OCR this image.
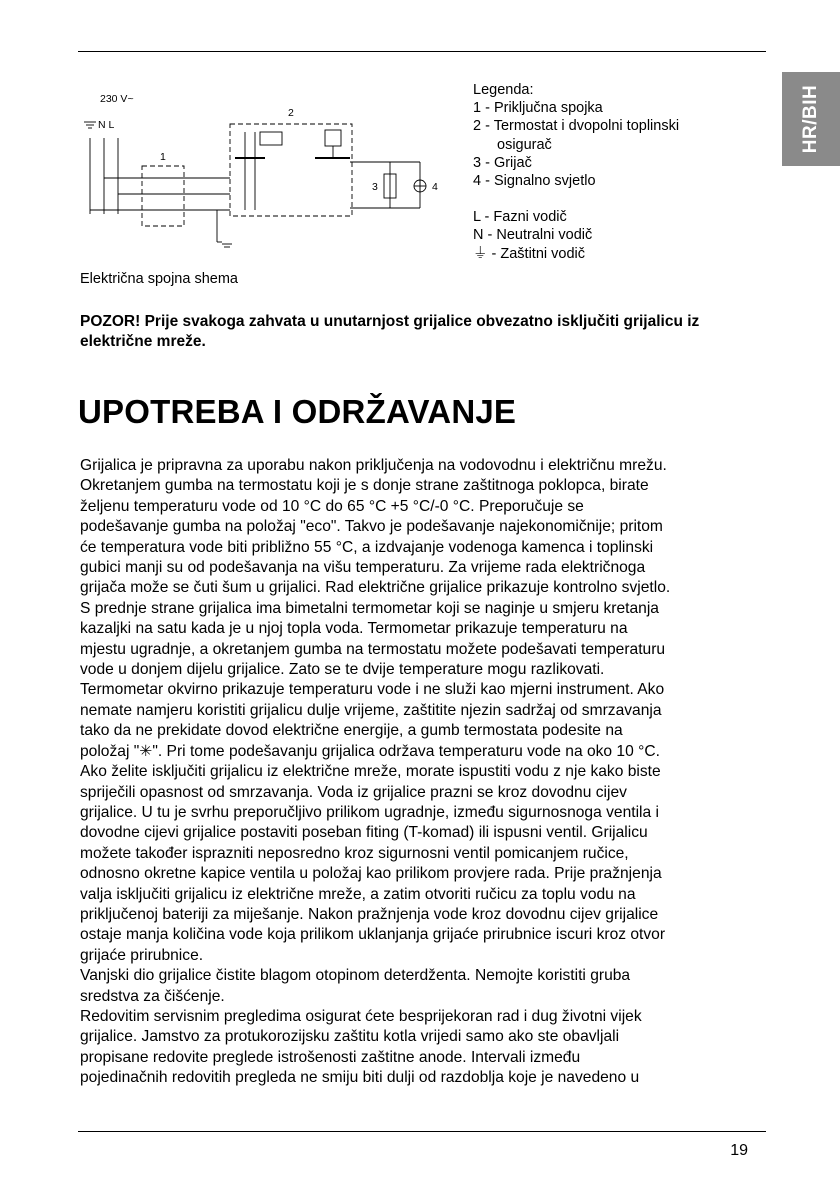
HR/BIH
230 V~
N L
1
2
3	4
Legenda:
1 - Priključna spojka
2 - Termostat i dvopolni toplinski
osigurač
3 - Grijač
4 - Signalno svjetlo
L - Fazni vodič
N - Neutralni vodič
⏚ - Zaštitni vodič
Električna spojna shema
POZOR! Prije svakoga zahvata u unutarnjost grijalice obvezatno isključiti grijalicu iz električne mreže.
UPOTREBA I ODRŽAVANJE
Grijalica je pripravna za uporabu nakon priključenja na vodovodnu i električnu mrežu.
Okretanjem gumba na termostatu koji je s donje strane zaštitnoga poklopca, birate
željenu temperaturu vode od 10 °C do 65 °C +5 °C/-0 °C. Preporučuje se
podešavanje gumba na položaj "eco". Takvo je podešavanje najekonomičnije; pritom
će temperatura vode biti približno 55 °C, a izdvajanje vodenoga kamenca i toplinski
gubici manji su od podešavanja na višu temperaturu. Za vrijeme rada električnoga
grijača može se čuti šum u grijalici. Rad električne grijalice prikazuje kontrolno svjetlo.
S prednje strane grijalica ima bimetalni termometar koji se naginje u smjeru kretanja
kazaljki na satu kada je u njoj topla voda. Termometar prikazuje temperaturu na
mjestu ugradnje, a okretanjem gumba na termostatu možete podešavati temperaturu
vode u donjem dijelu grijalice. Zato se te dvije temperature mogu razlikovati.
Termometar okvirno prikazuje temperaturu vode i ne služi kao mjerni instrument. Ako
nemate namjeru koristiti grijalicu dulje vrijeme, zaštitite njezin sadržaj od smrzavanja
tako da ne prekidate dovod električne energije, a gumb termostata podesite na
položaj "✳". Pri tome podešavanju grijalica održava temperaturu vode na oko 10 °C.
Ako želite isključiti grijalicu iz električne mreže, morate ispustiti vodu z nje kako biste
spriječili opasnost od smrzavanja. Voda iz grijalice prazni se kroz dovodnu cijev
grijalice. U tu je svrhu preporučljivo prilikom ugradnje, između sigurnosnoga ventila i
dovodne cijevi grijalice postaviti poseban fiting (T-komad) ili ispusni ventil. Grijalicu
možete također isprazniti neposredno kroz sigurnosni ventil pomicanjem ručice,
odnosno okretne kapice ventila u položaj kao prilikom provjere rada. Prije pražnjenja
valja isključiti grijalicu iz električne mreže, a zatim otvoriti ručicu za toplu vodu na
priključenoj bateriji za miješanje. Nakon pražnjenja vode kroz dovodnu cijev grijalice
ostaje manja količina vode koja prilikom uklanjanja grijaće prirubnice iscuri kroz otvor
grijaće prirubnice.
Vanjski dio grijalice čistite blagom otopinom deterdženta. Nemojte koristiti gruba
sredstva za čišćenje.
Redovitim servisnim pregledima osigurat ćete besprijekoran rad i dug životni vijek
grijalice. Jamstvo za protukorozijsku zaštitu kotla vrijedi samo ako ste obavljali
propisane redovite preglede istrošenosti zaštitne anode. Intervali između
pojedinačnih redovitih pregleda ne smiju biti dulji od razdoblja koje je navedeno u
19
